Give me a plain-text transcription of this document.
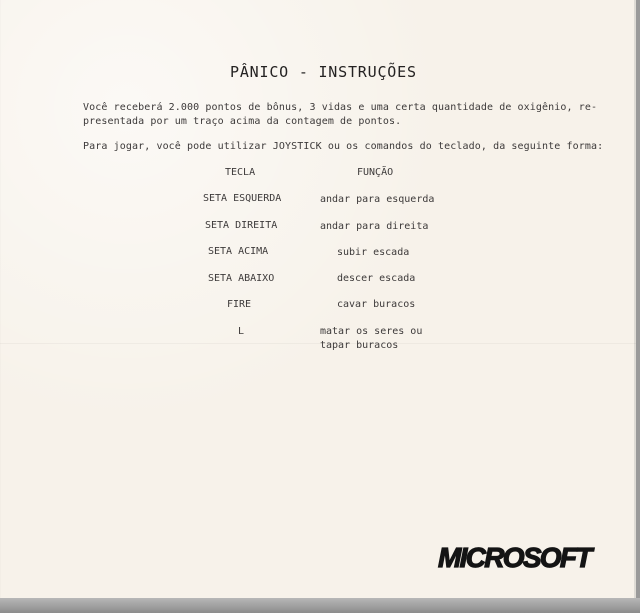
PÂNICO - INSTRUÇÕES
Você receberá 2.000 pontos de bônus, 3 vidas e uma certa quantidade de oxigênio, re-
presentada por um traço acima da contagem de pontos.
Para jogar, você pode utilizar JOYSTICK ou os comandos do teclado, da seguinte forma:
TECLA	FUNÇÃO
SETA ESQUERDA	andar para esquerda
SETA DIREITA	andar para direita
SETA ACIMA	subir escada
SETA ABAIXO	descer escada
FIRE	cavar buracos
L	matar os seres ou
tapar buracos
MICROSOFT
